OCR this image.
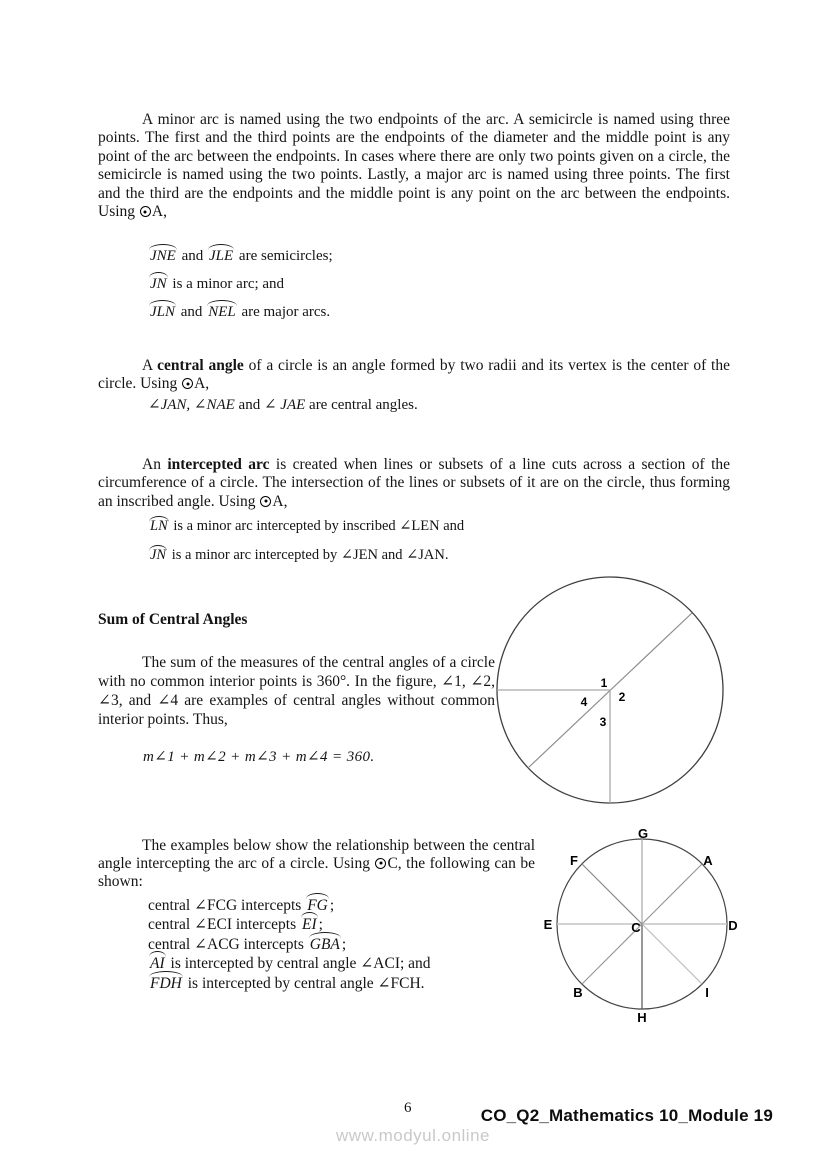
A minor arc is named using the two endpoints of the arc. A semicircle is named using three points. The first and the third points are the endpoints of the diameter and the middle point is any point of the arc between the endpoints. In cases where there are only two points given on a circle, the semicircle is named using the two points. Lastly, a major arc is named using three points. The first and the third are the endpoints and the middle point is any point on the arc between the endpoints. Using A,

JNE and JLE are semicircles;
JN is a minor arc; and
JLN and NEL are major arcs.

A central angle of a circle is an angle formed by two radii and its vertex is the center of the circle. Using A,

∠JAN, ∠NAE and ∠ JAE are central angles.

An intercepted arc is created when lines or subsets of a line cuts across a section of the circumference of a circle. The intersection of the lines or subsets of it are on the circle, thus forming an inscribed angle. Using A,

LN is a minor arc intercepted by inscribed ∠LEN and
JN is a minor arc intercepted by ∠JEN and ∠JAN.
Sum of Central Angles

The sum of the measures of the central angles of a circle with no common interior points is 360°. In the figure, ∠1, ∠2, ∠3, and ∠4 are examples of central angles without common interior points. Thus,

m∠1 + m∠2 + m∠3 + m∠4 = 360.
1
2
3
4

The examples below show the relationship between the central angle intercepting the arc of a circle. Using C, the following can be shown:

central ∠FCG intercepts FG ;
central ∠ECI intercepts EI ;
central ∠ACG intercepts GBA ;
AI is intercepted by central angle ∠ACI; and
FDH is intercepted by central angle ∠FCH.
G
F	A
E	D
C
B	I
H
6	CO_Q2_Mathematics 10_Module 19
www.modyul.online
